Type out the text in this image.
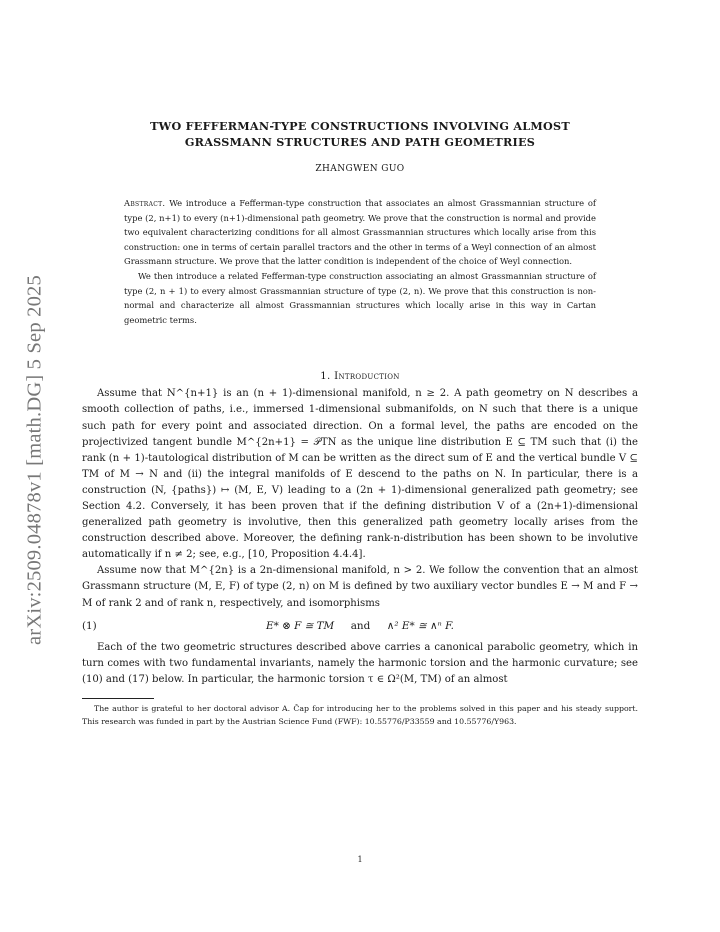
arXiv:2509.04878v1 [math.DG] 5 Sep 2025
TWO FEFFERMAN-TYPE CONSTRUCTIONS INVOLVING ALMOST
GRASSMANN STRUCTURES AND PATH GEOMETRIES
ZHANGWEN GUO

Abstract. We introduce a Fefferman-type construction that associates an almost Grassmannian structure of type (2, n+1) to every (n+1)-dimensional path geometry. We prove that the construction is normal and provide two equivalent characterizing conditions for all almost Grassmannian structures which locally arise from this construction: one in terms of certain parallel tractors and the other in terms of a Weyl connection of an almost Grassmann structure. We prove that the latter condition is independent of the choice of Weyl connection.

We then introduce a related Fefferman-type construction associating an almost Grassmannian structure of type (2, n + 1) to every almost Grassmannian structure of type (2, n). We prove that this construction is non-normal and characterize all almost Grassmannian structures which locally arise in this way in Cartan geometric terms.

1. Introduction

Assume that N^{n+1} is an (n + 1)-dimensional manifold, n ≥ 2. A path geometry on N describes a smooth collection of paths, i.e., immersed 1-dimensional submanifolds, on N such that there is a unique such path for every point and associated direction. On a formal level, the paths are encoded on the projectivized tangent bundle M^{2n+1} = 𝒫TN as the unique line distribution E ⊆ TM such that (i) the rank (n + 1)-tautological distribution of M can be written as the direct sum of E and the vertical bundle V ⊆ TM of M → N and (ii) the integral manifolds of E descend to the paths on N. In particular, there is a construction (N, {paths}) ↦ (M, E, V) leading to a (2n + 1)-dimensional generalized path geometry; see Section 4.2. Conversely, it has been proven that if the defining distribution V of a (2n+1)-dimensional generalized path geometry is involutive, then this generalized path geometry locally arises from the construction described above. Moreover, the defining rank-n-distribution has been shown to be involutive automatically if n ≠ 2; see, e.g., [10, Proposition 4.4.4].

Assume now that M^{2n} is a 2n-dimensional manifold, n > 2. We follow the convention that an almost Grassmann structure (M, E, F) of type (2, n) on M is defined by two auxiliary vector bundles E → M and F → M of rank 2 and of rank n, respectively, and isomorphisms

(1)	E* ⊗ F ≅ TM and ∧² E* ≅ ∧ⁿ F.

Each of the two geometric structures described above carries a canonical parabolic geometry, which in turn comes with two fundamental invariants, namely the harmonic torsion and the harmonic curvature; see (10) and (17) below. In particular, the harmonic torsion τ ∈ Ω²(M, TM) of an almost

The author is grateful to her doctoral advisor A. Čap for introducing her to the problems solved in this paper and his steady support. This research was funded in part by the Austrian Science Fund (FWF): 10.55776/P33559 and 10.55776/Y963.
1
